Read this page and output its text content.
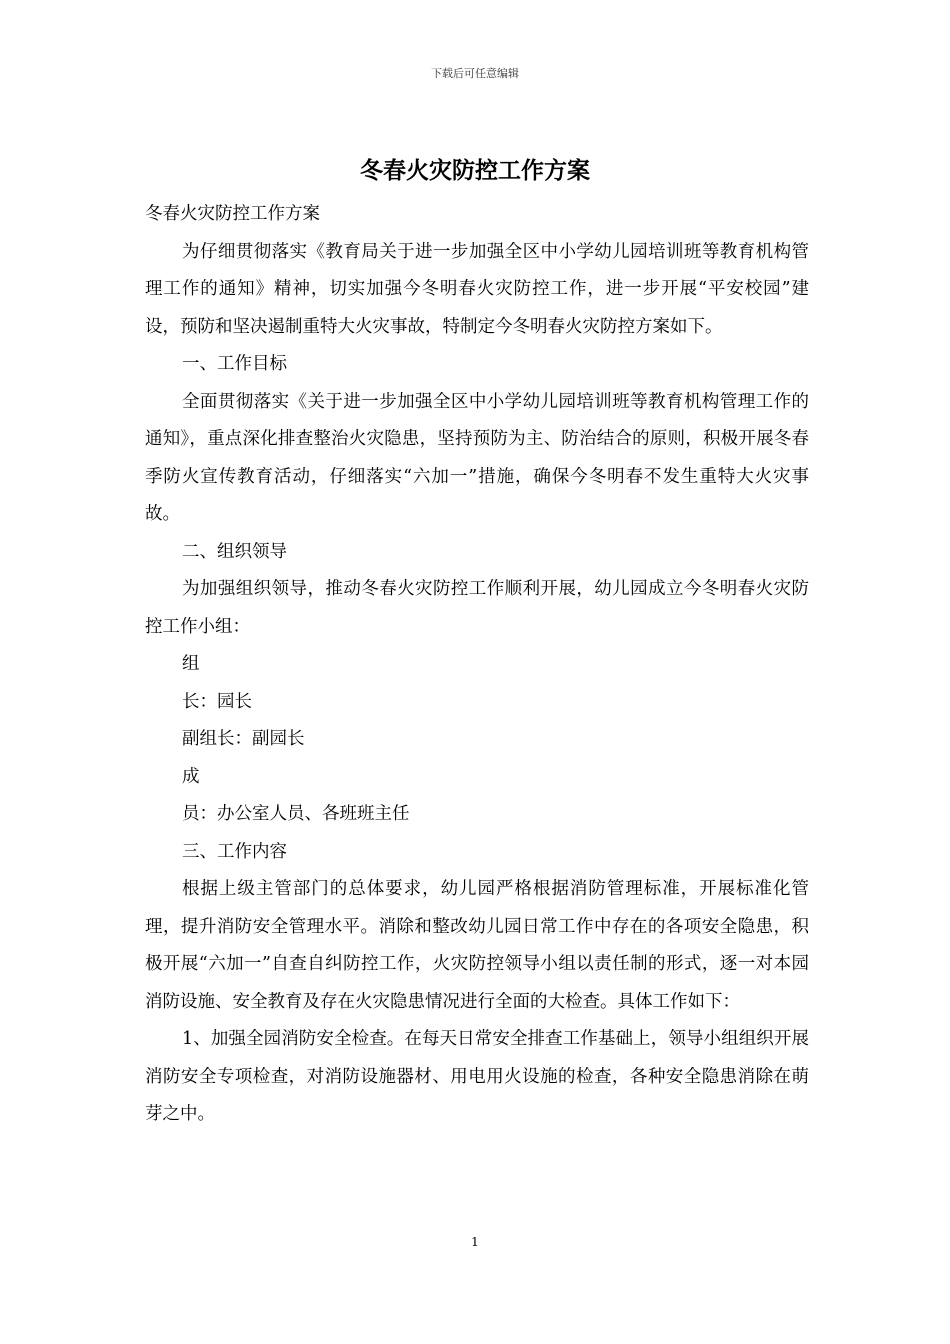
下载后可任意编辑
冬春火灾防控工作方案

冬春火灾防控工作方案

为仔细贯彻落实《教育局关于进一步加强全区中小学幼儿园培训班等教育机构管理工作的通知》精神，切实加强今冬明春火灾防控工作，进一步开展“平安校园”建设，预防和坚决遏制重特大火灾事故，特制定今冬明春火灾防控方案如下。

一、工作目标

全面贯彻落实《关于进一步加强全区中小学幼儿园培训班等教育机构管理工作的通知》，重点深化排查整治火灾隐患，坚持预防为主、防治结合的原则，积极开展冬春季防火宣传教育活动，仔细落实“六加一”措施，确保今冬明春不发生重特大火灾事故。

二、组织领导

为加强组织领导，推动冬春火灾防控工作顺利开展，幼儿园成立今冬明春火灾防控工作小组：

组

长：园长

副组长：副园长

成

员：办公室人员、各班班主任

三、工作内容

根据上级主管部门的总体要求，幼儿园严格根据消防管理标准，开展标准化管理，提升消防安全管理水平。消除和整改幼儿园日常工作中存在的各项安全隐患，积极开展“六加一”自查自纠防控工作，火灾防控领导小组以责任制的形式，逐一对本园消防设施、安全教育及存在火灾隐患情况进行全面的大检查。具体工作如下：

1、加强全园消防安全检查。在每天日常安全排查工作基础上，领导小组组织开展消防安全专项检查，对消防设施器材、用电用火设施的检查，各种安全隐患消除在萌芽之中。

1
